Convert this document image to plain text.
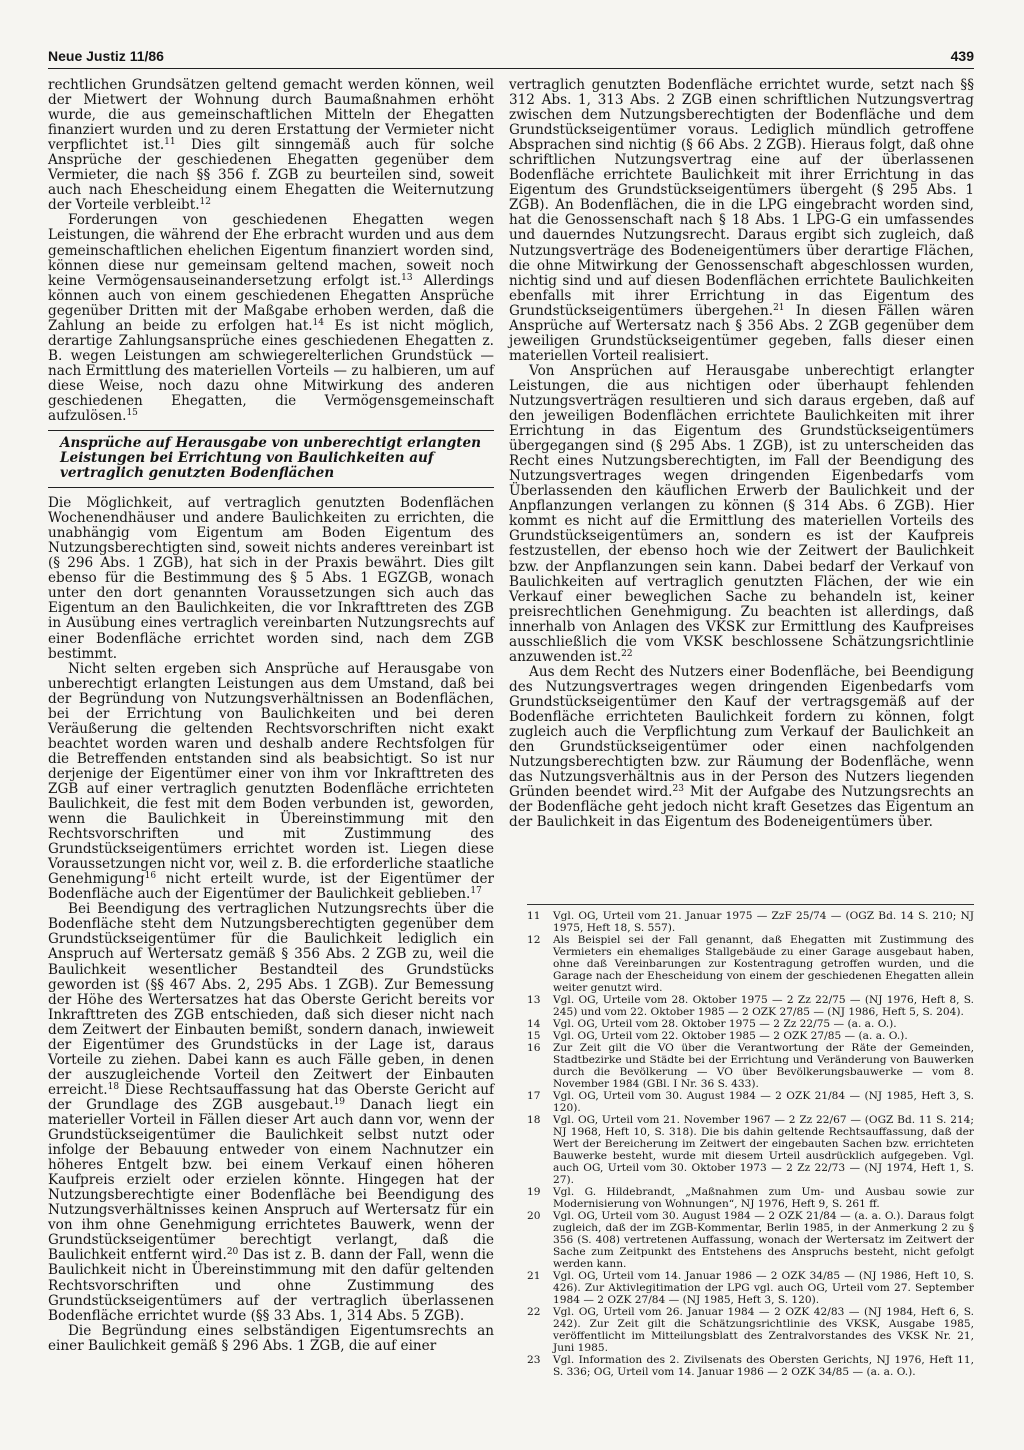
Neue Justiz 11/86	439

rechtlichen Grundsätzen geltend gemacht werden können, weil der Mietwert der Wohnung durch Baumaßnahmen erhöht wurde, die aus gemeinschaftlichen Mitteln der Ehegatten finanziert wurden und zu deren Erstattung der Vermieter nicht verpflichtet ist.$^{11}$ Dies gilt sinngemäß auch für solche Ansprüche der geschiedenen Ehegatten gegenüber dem Vermieter, die nach §§ 356 f. ZGB zu beurteilen sind, soweit auch nach Ehescheidung einem Ehegatten die Weiternutzung der Vorteile verbleibt.$^{12}$

Forderungen von geschiedenen Ehegatten wegen Leistungen, die während der Ehe erbracht wurden und aus dem gemeinschaftlichen ehelichen Eigentum finanziert worden sind, können diese nur gemeinsam geltend machen, soweit noch keine Vermögensauseinandersetzung erfolgt ist.$^{13}$ Allerdings können auch von einem geschiedenen Ehegatten Ansprüche gegenüber Dritten mit der Maßgabe erhoben werden, daß die Zahlung an beide zu erfolgen hat.$^{14}$ Es ist nicht möglich, derartige Zahlungsansprüche eines geschiedenen Ehegatten z. B. wegen Leistungen am schwiegerelterlichen Grundstück — nach Ermittlung des materiellen Vorteils — zu halbieren, um auf diese Weise, noch dazu ohne Mitwirkung des anderen geschiedenen Ehegatten, die Vermögensgemeinschaft aufzulösen.$^{15}$

Ansprüche auf Herausgabe von unberechtigt erlangten Leistungen bei Errichtung von Baulichkeiten auf vertraglich genutzten Bodenflächen

Die Möglichkeit, auf vertraglich genutzten Bodenflächen Wochenendhäuser und andere Baulichkeiten zu errichten, die unabhängig vom Eigentum am Boden Eigentum des Nutzungsberechtigten sind, soweit nichts anderes vereinbart ist (§ 296 Abs. 1 ZGB), hat sich in der Praxis bewährt. Dies gilt ebenso für die Bestimmung des § 5 Abs. 1 EGZGB, wonach unter den dort genannten Voraussetzungen sich auch das Eigentum an den Baulichkeiten, die vor Inkrafttreten des ZGB in Ausübung eines vertraglich vereinbarten Nutzungsrechts auf einer Bodenfläche errichtet worden sind, nach dem ZGB bestimmt.

Nicht selten ergeben sich Ansprüche auf Herausgabe von unberechtigt erlangten Leistungen aus dem Umstand, daß bei der Begründung von Nutzungsverhältnissen an Bodenflächen, bei der Errichtung von Baulichkeiten und bei deren Veräußerung die geltenden Rechtsvorschriften nicht exakt beachtet worden waren und deshalb andere Rechtsfolgen für die Betreffenden entstanden sind als beabsichtigt. So ist nur derjenige der Eigentümer einer von ihm vor Inkrafttreten des ZGB auf einer vertraglich genutzten Bodenfläche errichteten Baulichkeit, die fest mit dem Boden verbunden ist, geworden, wenn die Baulichkeit in Übereinstimmung mit den Rechtsvorschriften und mit Zustimmung des Grundstückseigentümers errichtet worden ist. Liegen diese Voraussetzungen nicht vor, weil z. B. die erforderliche staatliche Genehmigung$^{16}$ nicht erteilt wurde, ist der Eigentümer der Bodenfläche auch der Eigentümer der Baulichkeit geblieben.$^{17}$

Bei Beendigung des vertraglichen Nutzungsrechts über die Bodenfläche steht dem Nutzungsberechtigten gegenüber dem Grundstückseigentümer für die Baulichkeit lediglich ein Anspruch auf Wertersatz gemäß § 356 Abs. 2 ZGB zu, weil die Baulichkeit wesentlicher Bestandteil des Grundstücks geworden ist (§§ 467 Abs. 2, 295 Abs. 1 ZGB). Zur Bemessung der Höhe des Wertersatzes hat das Oberste Gericht bereits vor Inkrafttreten des ZGB entschieden, daß sich dieser nicht nach dem Zeitwert der Einbauten bemißt, sondern danach, inwieweit der Eigentümer des Grundstücks in der Lage ist, daraus Vorteile zu ziehen. Dabei kann es auch Fälle geben, in denen der auszugleichende Vorteil den Zeitwert der Einbauten erreicht.$^{18}$ Diese Rechtsauffassung hat das Oberste Gericht auf der Grundlage des ZGB ausgebaut.$^{19}$ Danach liegt ein materieller Vorteil in Fällen dieser Art auch dann vor, wenn der Grundstückseigentümer die Baulichkeit selbst nutzt oder infolge der Bebauung entweder von einem Nachnutzer ein höheres Entgelt bzw. bei einem Verkauf einen höheren Kaufpreis erzielt oder erzielen könnte. Hingegen hat der Nutzungsberechtigte einer Bodenfläche bei Beendigung des Nutzungsverhältnisses keinen Anspruch auf Wertersatz für ein von ihm ohne Genehmigung errichtetes Bauwerk, wenn der Grundstückseigentümer berechtigt verlangt, daß die Baulichkeit entfernt wird.$^{20}$ Das ist z. B. dann der Fall, wenn die Baulichkeit nicht in Übereinstimmung mit den dafür geltenden Rechtsvorschriften und ohne Zustimmung des Grundstückseigentümers auf der vertraglich überlassenen Bodenfläche errichtet wurde (§§ 33 Abs. 1, 314 Abs. 5 ZGB).

Die Begründung eines selbständigen Eigentumsrechts an einer Baulichkeit gemäß § 296 Abs. 1 ZGB, die auf einer

vertraglich genutzten Bodenfläche errichtet wurde, setzt nach §§ 312 Abs. 1, 313 Abs. 2 ZGB einen schriftlichen Nutzungsvertrag zwischen dem Nutzungsberechtigten der Bodenfläche und dem Grundstückseigentümer voraus. Lediglich mündlich getroffene Absprachen sind nichtig (§ 66 Abs. 2 ZGB). Hieraus folgt, daß ohne schriftlichen Nutzungsvertrag eine auf der überlassenen Bodenfläche errichtete Baulichkeit mit ihrer Errichtung in das Eigentum des Grundstückseigentümers übergeht (§ 295 Abs. 1 ZGB). An Bodenflächen, die in die LPG eingebracht worden sind, hat die Genossenschaft nach § 18 Abs. 1 LPG-G ein umfassendes und dauerndes Nutzungsrecht. Daraus ergibt sich zugleich, daß Nutzungsverträge des Bodeneigentümers über derartige Flächen, die ohne Mitwirkung der Genossenschaft abgeschlossen wurden, nichtig sind und auf diesen Bodenflächen errichtete Baulichkeiten ebenfalls mit ihrer Errichtung in das Eigentum des Grundstückseigentümers übergehen.$^{21}$ In diesen Fällen wären Ansprüche auf Wertersatz nach § 356 Abs. 2 ZGB gegenüber dem jeweiligen Grundstückseigentümer gegeben, falls dieser einen materiellen Vorteil realisiert.

Von Ansprüchen auf Herausgabe unberechtigt erlangter Leistungen, die aus nichtigen oder überhaupt fehlenden Nutzungsverträgen resultieren und sich daraus ergeben, daß auf den jeweiligen Bodenflächen errichtete Baulichkeiten mit ihrer Errichtung in das Eigentum des Grundstückseigentümers übergegangen sind (§ 295 Abs. 1 ZGB), ist zu unterscheiden das Recht eines Nutzungsberechtigten, im Fall der Beendigung des Nutzungsvertrages wegen dringenden Eigenbedarfs vom Überlassenden den käuflichen Erwerb der Baulichkeit und der Anpflanzungen verlangen zu können (§ 314 Abs. 6 ZGB). Hier kommt es nicht auf die Ermittlung des materiellen Vorteils des Grundstückseigentümers an, sondern es ist der Kaufpreis festzustellen, der ebenso hoch wie der Zeitwert der Baulichkeit bzw. der Anpflanzungen sein kann. Dabei bedarf der Verkauf von Baulichkeiten auf vertraglich genutzten Flächen, der wie ein Verkauf einer beweglichen Sache zu behandeln ist, keiner preisrechtlichen Genehmigung. Zu beachten ist allerdings, daß innerhalb von Anlagen des VKSK zur Ermittlung des Kaufpreises ausschließlich die vom VKSK beschlossene Schätzungsrichtlinie anzuwenden ist.$^{22}$

Aus dem Recht des Nutzers einer Bodenfläche, bei Beendigung des Nutzungsvertrages wegen dringenden Eigenbedarfs vom Grundstückseigentümer den Kauf der vertragsgemäß auf der Bodenfläche errichteten Baulichkeit fordern zu können, folgt zugleich auch die Verpflichtung zum Verkauf der Baulichkeit an den Grundstückseigentümer oder einen nachfolgenden Nutzungsberechtigten bzw. zur Räumung der Bodenfläche, wenn das Nutzungsverhältnis aus in der Person des Nutzers liegenden Gründen beendet wird.$^{23}$ Mit der Aufgabe des Nutzungsrechts an der Bodenfläche geht jedoch nicht kraft Gesetzes das Eigentum an der Baulichkeit in das Eigentum des Bodeneigentümers über.

11	Vgl. OG, Urteil vom 21. Januar 1975 — ZzF 25/74 — (OGZ Bd. 14 S. 210; NJ 1975, Heft 18, S. 557).
12	Als Beispiel sei der Fall genannt, daß Ehegatten mit Zustimmung des Vermieters ein ehemaliges Stallgebäude zu einer Garage ausgebaut haben, ohne daß Vereinbarungen zur Kostentragung getroffen wurden, und die Garage nach der Ehescheidung von einem der geschiedenen Ehegatten allein weiter genutzt wird.
13	Vgl. OG, Urteile vom 28. Oktober 1975 — 2 Zz 22/75 — (NJ 1976, Heft 8, S. 245) und vom 22. Oktober 1985 — 2 OZK 27/85 — (NJ 1986, Heft 5, S. 204).
14	Vgl. OG, Urteil vom 28. Oktober 1975 — 2 Zz 22/75 — (a. a. O.).
15	Vgl. OG, Urteil vom 22. Oktober 1985 — 2 OZK 27/85 — (a. a. O.).
16	Zur Zeit gilt die VO über die Verantwortung der Räte der Gemeinden, Stadtbezirke und Städte bei der Errichtung und Veränderung von Bauwerken durch die Bevölkerung — VO über Bevölkerungsbauwerke — vom 8. November 1984 (GBl. I Nr. 36 S. 433).
17	Vgl. OG, Urteil vom 30. August 1984 — 2 OZK 21/84 — (NJ 1985, Heft 3, S. 120).
18	Vgl. OG, Urteil vom 21. November 1967 — 2 Zz 22/67 — (OGZ Bd. 11 S. 214; NJ 1968, Heft 10, S. 318). Die bis dahin geltende Rechtsauffassung, daß der Wert der Bereicherung im Zeitwert der eingebauten Sachen bzw. errichteten Bauwerke besteht, wurde mit diesem Urteil ausdrücklich aufgegeben. Vgl. auch OG, Urteil vom 30. Oktober 1973 — 2 Zz 22/73 — (NJ 1974, Heft 1, S. 27).
19	Vgl. G. Hildebrandt, „Maßnahmen zum Um- und Ausbau sowie zur Modernisierung von Wohnungen“, NJ 1976, Heft 9, S. 261 ff.
20	Vgl. OG, Urteil vom 30. August 1984 — 2 OZK 21/84 — (a. a. O.). Daraus folgt zugleich, daß der im ZGB-Kommentar, Berlin 1985, in der Anmerkung 2 zu § 356 (S. 408) vertretenen Auffassung, wonach der Wertersatz im Zeitwert der Sache zum Zeitpunkt des Entstehens des Anspruchs besteht, nicht gefolgt werden kann.
21	Vgl. OG, Urteil vom 14. Januar 1986 — 2 OZK 34/85 — (NJ 1986, Heft 10, S. 426). Zur Aktivlegitimation der LPG vgl. auch OG, Urteil vom 27. September 1984 — 2 OZK 27/84 — (NJ 1985, Heft 3, S. 120).
22	Vgl. OG, Urteil vom 26. Januar 1984 — 2 OZK 42/83 — (NJ 1984, Heft 6, S. 242). Zur Zeit gilt die Schätzungsrichtlinie des VKSK, Ausgabe 1985, veröffentlicht im Mitteilungsblatt des Zentralvorstandes des VKSK Nr. 21, Juni 1985.
23	Vgl. Information des 2. Zivilsenats des Obersten Gerichts, NJ 1976, Heft 11, S. 336; OG, Urteil vom 14. Januar 1986 — 2 OZK 34/85 — (a. a. O.).
